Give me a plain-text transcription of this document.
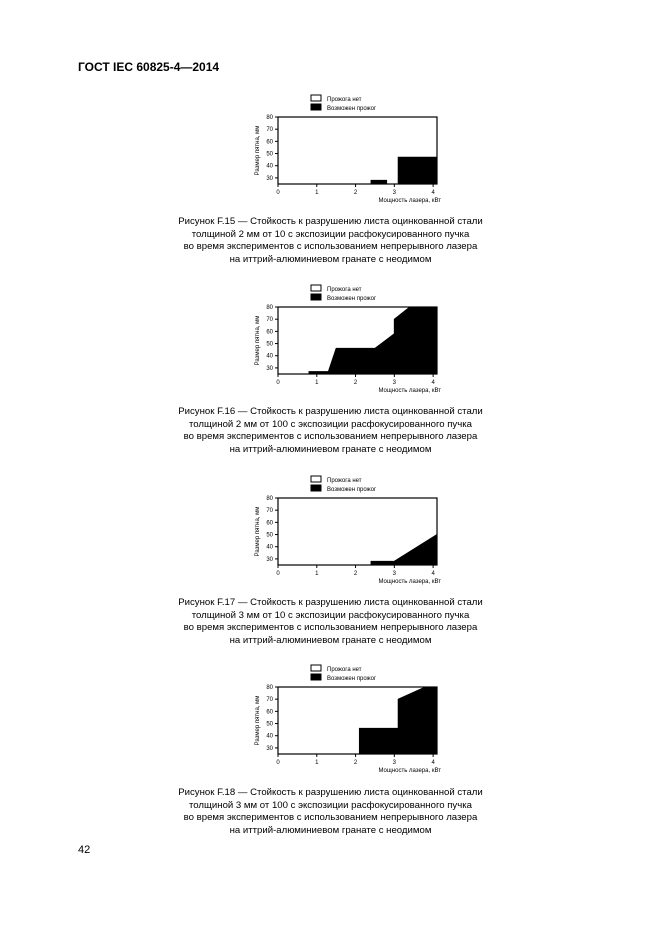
ГОСТ IEC 60825-4—2014
Прожога нет
Возможен прожог
30
40
50
60
70
80
0	1	2	3	4
Мощность лазера, кВт
Размер пятна, мм
Рисунок F.15 — Стойкость к разрушению листа оцинкованной стали
толщиной 2 мм от 10 с экспозиции расфокусированного пучка
во время экспериментов с использованием непрерывного лазера
на иттрий-алюминиевом гранате с неодимом
Прожога нет
Возможен прожог
30
40
50
60
70
80
0	1	2	3	4
Мощность лазера, кВт
Размер пятна, мм
Рисунок F.16 — Стойкость к разрушению листа оцинкованной стали
толщиной 2 мм от 100 с экспозиции расфокусированного пучка
во время экспериментов с использованием непрерывного лазера
на иттрий-алюминиевом гранате с неодимом
Прожога нет
Возможен прожог
30
40
50
60
70
80
0	1	2	3	4
Мощность лазера, кВт
Размер пятна, мм
Рисунок F.17 — Стойкость к разрушению листа оцинкованной стали
толщиной 3 мм от 10 с экспозиции расфокусированного пучка
во время экспериментов с использованием непрерывного лазера
на иттрий-алюминиевом гранате с неодимом
Прожога нет
Возможен прожог
30
40
50
60
70
80
0	1	2	3	4
Мощность лазера, кВт
Размер пятна, мм
Рисунок F.18 — Стойкость к разрушению листа оцинкованной стали
толщиной 3 мм от 100 с экспозиции расфокусированного пучка
во время экспериментов с использованием непрерывного лазера
на иттрий-алюминиевом гранате с неодимом
42
